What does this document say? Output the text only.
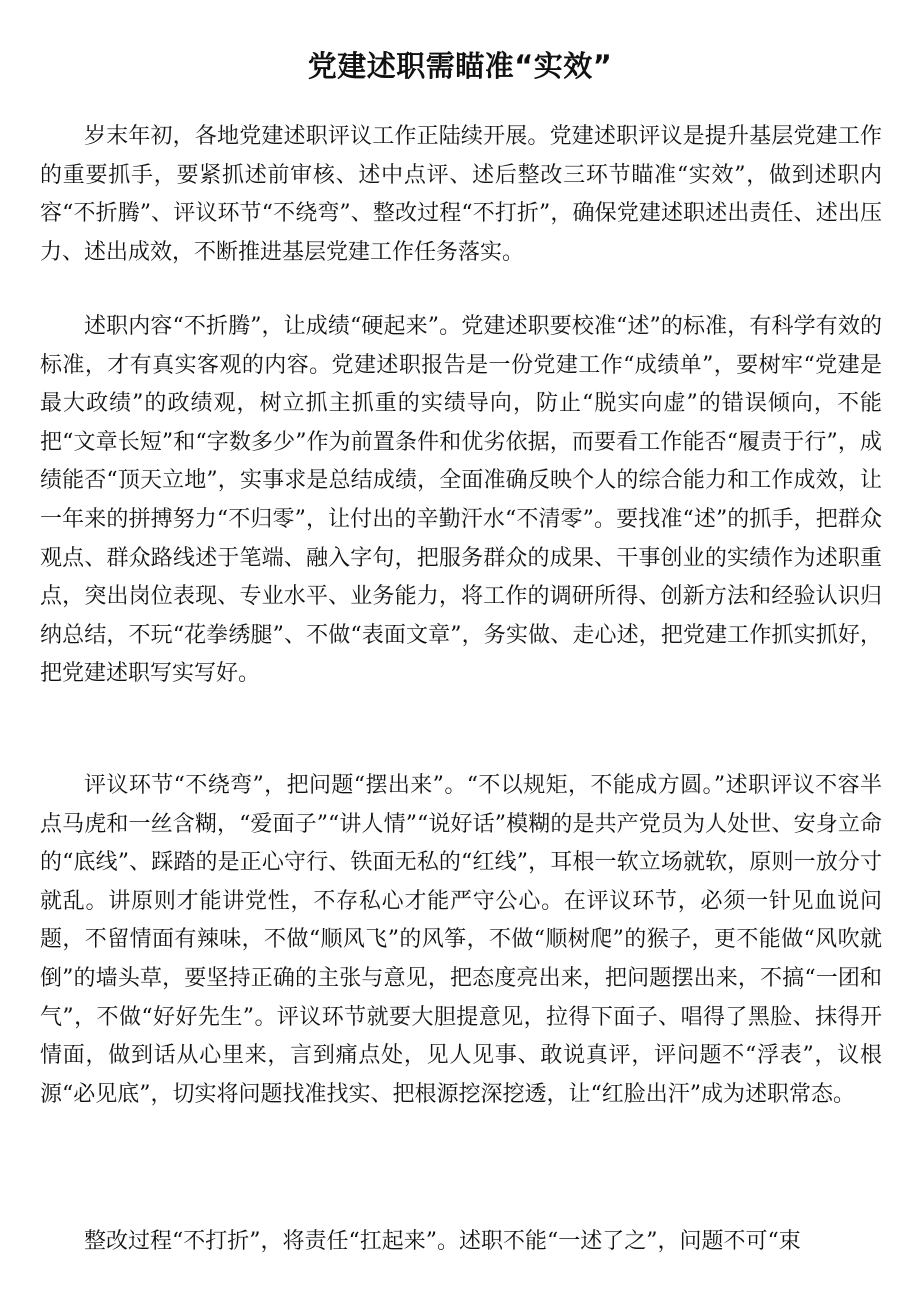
党建述职需瞄准“实效”

岁末年初，各地党建述职评议工作正陆续开展。党建述职评议是提升基层党建工作的重要抓手，要紧抓述前审核、述中点评、述后整改三环节瞄准“实效”，做到述职内容“不折腾”、评议环节“不绕弯”、整改过程“不打折”，确保党建述职述出责任、述出压力、述出成效，不断推进基层党建工作任务落实。

述职内容“不折腾”，让成绩“硬起来”。党建述职要校准“述”的标准，有科学有效的标准，才有真实客观的内容。党建述职报告是一份党建工作“成绩单”，要树牢“党建是最大政绩”的政绩观，树立抓主抓重的实绩导向，防止“脱实向虚”的错误倾向，不能把“文章长短”和“字数多少”作为前置条件和优劣依据，而要看工作能否“履责于行”，成绩能否“顶天立地”，实事求是总结成绩，全面准确反映个人的综合能力和工作成效，让一年来的拼搏努力“不归零”，让付出的辛勤汗水“不清零”。要找准“述”的抓手，把群众观点、群众路线述于笔端、融入字句，把服务群众的成果、干事创业的实绩作为述职重点，突出岗位表现、专业水平、业务能力，将工作的调研所得、创新方法和经验认识归纳总结，不玩“花拳绣腿”、不做“表面文章”，务实做、走心述，把党建工作抓实抓好，把党建述职写实写好。

评议环节“不绕弯”，把问题“摆出来”。“不以规矩，不能成方圆。”述职评议不容半点马虎和一丝含糊，“爱面子”“讲人情”“说好话”模糊的是共产党员为人处世、安身立命的“底线”、踩踏的是正心守行、铁面无私的“红线”，耳根一软立场就软，原则一放分寸就乱。讲原则才能讲党性，不存私心才能严守公心。在评议环节，必须一针见血说问题，不留情面有辣味，不做“顺风飞”的风筝，不做“顺树爬”的猴子，更不能做“风吹就倒”的墙头草，要坚持正确的主张与意见，把态度亮出来，把问题摆出来，不搞“一团和气”，不做“好好先生”。评议环节就要大胆提意见，拉得下面子、唱得了黑脸、抹得开情面，做到话从心里来，言到痛点处，见人见事、敢说真评，评问题不“浮表”，议根源“必见底”，切实将问题找准找实、把根源挖深挖透，让“红脸出汗”成为述职常态。

整改过程“不打折”，将责任“扛起来”。述职不能“一述了之”，问题不可“束
